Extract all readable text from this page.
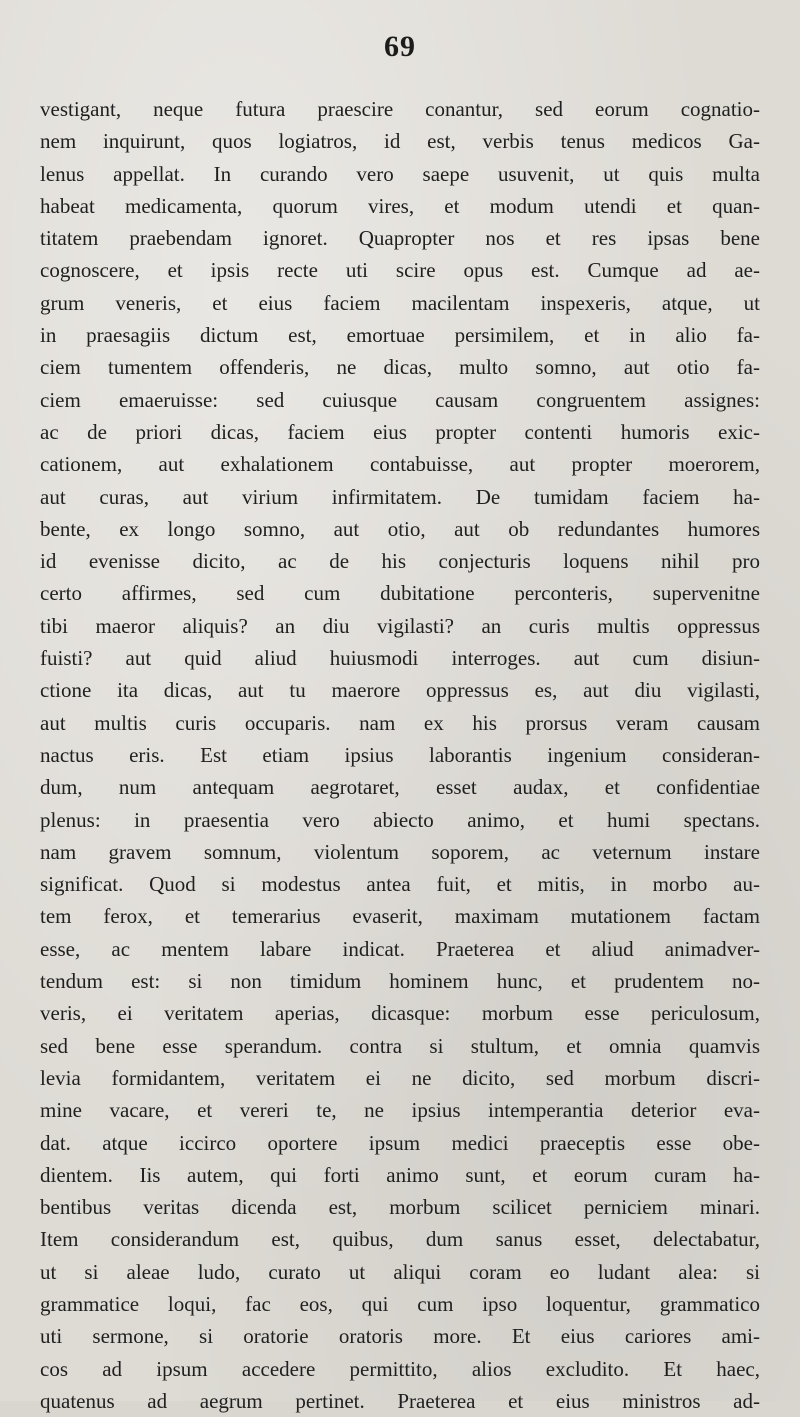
69
vestigant, neque futura praescire conantur, sed eorum cognatio-
nem inquirunt, quos logiatros, id est, verbis tenus medicos Ga-
lenus appellat. In curando vero saepe usuvenit, ut quis multa
habeat medicamenta, quorum vires, et modum utendi et quan-
titatem praebendam ignoret. Quapropter nos et res ipsas bene
cognoscere, et ipsis recte uti scire opus est. Cumque ad ae-
grum veneris, et eius faciem macilentam inspexeris, atque, ut
in praesagiis dictum est, emortuae persimilem, et in alio fa-
ciem tumentem offenderis, ne dicas, multo somno, aut otio fa-
ciem emaeruisse: sed cuiusque causam congruentem assignes:
ac de priori dicas, faciem eius propter contenti humoris exic-
cationem, aut exhalationem contabuisse, aut propter moerorem,
aut curas, aut virium infirmitatem. De tumidam faciem ha-
bente, ex longo somno, aut otio, aut ob redundantes humores
id evenisse dicito, ac de his conjecturis loquens nihil pro
certo affirmes, sed cum dubitatione perconteris, supervenitne
tibi maeror aliquis? an diu vigilasti? an curis multis oppressus
fuisti? aut quid aliud huiusmodi interroges. aut cum disiun-
ctione ita dicas, aut tu maerore oppressus es, aut diu vigilasti,
aut multis curis occuparis. nam ex his prorsus veram causam
nactus eris. Est etiam ipsius laborantis ingenium consideran-
dum, num antequam aegrotaret, esset audax, et confidentiae
plenus: in praesentia vero abiecto animo, et humi spectans.
nam gravem somnum, violentum soporem, ac veternum instare
significat. Quod si modestus antea fuit, et mitis, in morbo au-
tem ferox, et temerarius evaserit, maximam mutationem factam
esse, ac mentem labare indicat. Praeterea et aliud animadver-
tendum est: si non timidum hominem hunc, et prudentem no-
veris, ei veritatem aperias, dicasque: morbum esse periculosum,
sed bene esse sperandum. contra si stultum, et omnia quamvis
levia formidantem, veritatem ei ne dicito, sed morbum discri-
mine vacare, et vereri te, ne ipsius intemperantia deterior eva-
dat. atque iccirco oportere ipsum medici praeceptis esse obe-
dientem. Iis autem, qui forti animo sunt, et eorum curam ha-
bentibus veritas dicenda est, morbum scilicet perniciem minari.
Item considerandum est, quibus, dum sanus esset, delectabatur,
ut si aleae ludo, curato ut aliqui coram eo ludant alea: si
grammatice loqui, fac eos, qui cum ipso loquentur, grammatico
uti sermone, si oratorie oratoris more. Et eius cariores ami-
cos ad ipsum accedere permittito, alios excludito. Et haec,
quatenus ad aegrum pertinet. Praeterea et eius ministros ad-
